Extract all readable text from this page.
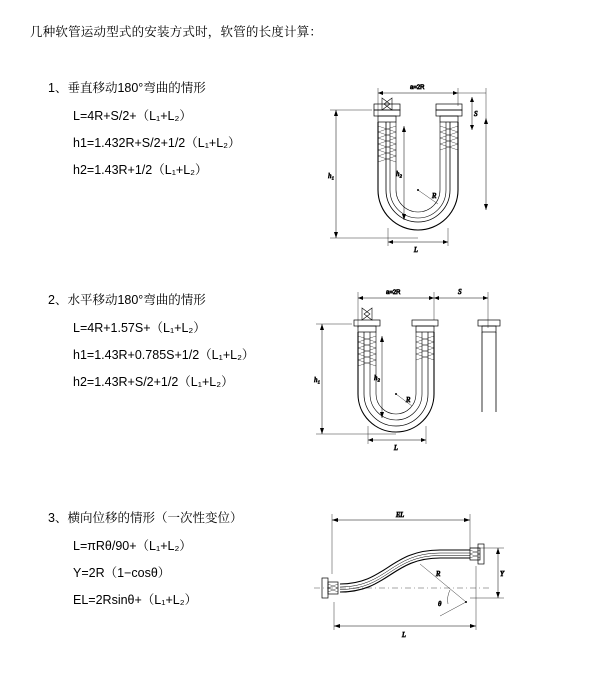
几种软管运动型式的安装方式时，软管的长度计算：
1、垂直移动180°弯曲的情形
L=4R+S/2+（L₁+L₂）
h1=1.432R+S/2+1/2（L₁+L₂）
h2=1.43R+1/2（L₁+L₂）
a=2R
S
h₁	h₂
R
L
2、水平移动180°弯曲的情形
L=4R+1.57S+（L₁+L₂）
h1=1.43R+0.785S+1/2（L₁+L₂）
h2=1.43R+S/2+1/2（L₁+L₂）
a=2R	S
h₁	h₂
R
L
3、横向位移的情形（一次性变位）
L=πRθ/90+（L₁+L₂）
Y=2R（1−cosθ）
EL=2Rsinθ+（L₁+L₂）
EL
Y
θ
R
L
